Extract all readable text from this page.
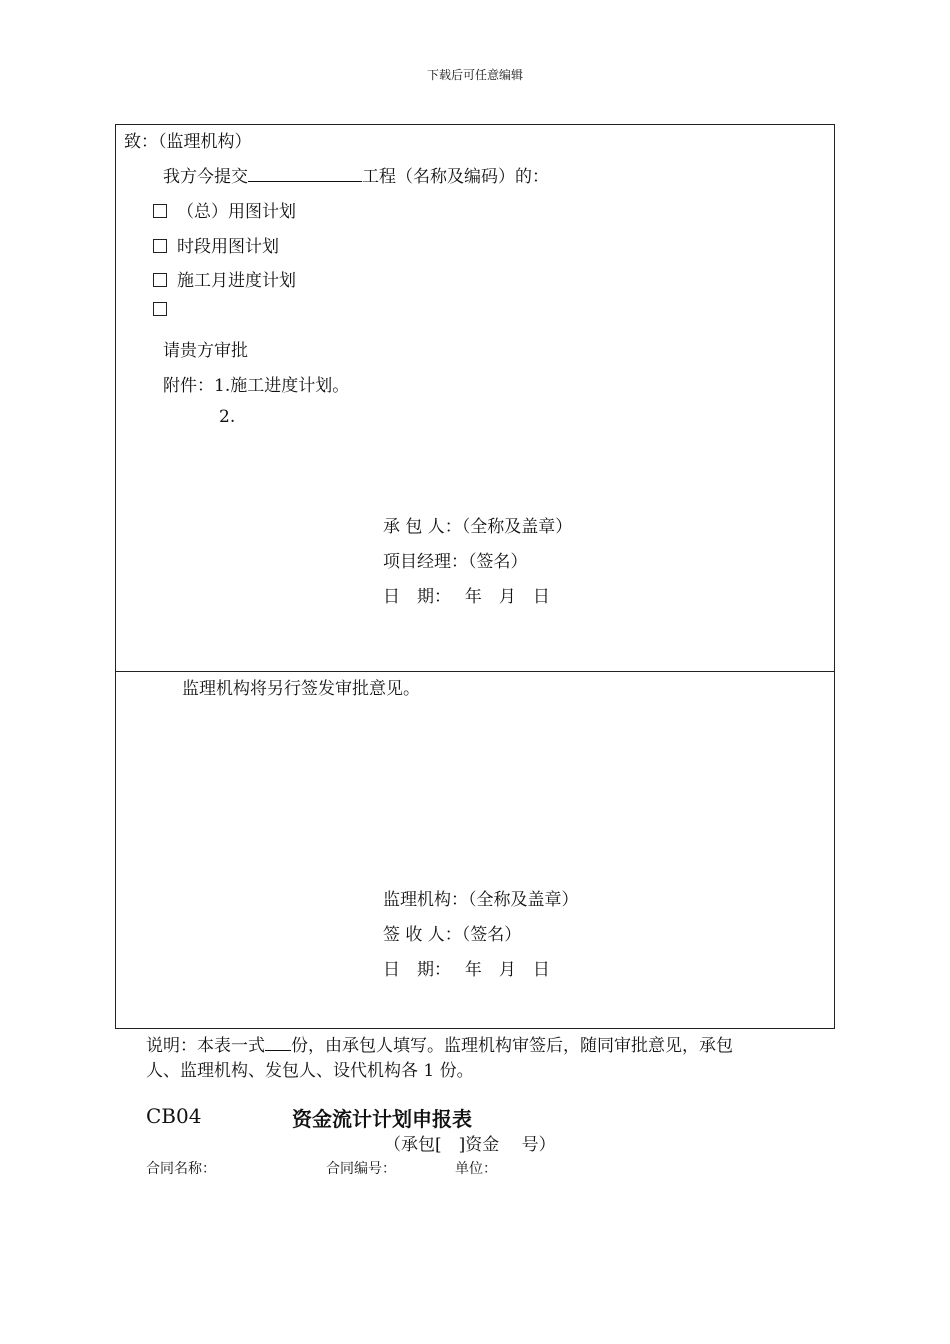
下载后可任意编辑
致：（监理机构）
我方今提交	工程（名称及编码）的：
（总）用图计划
时段用图计划
施工月进度计划
请贵方审批
附件：1.施工进度计划。
2.
承 包 人：（全称及盖章）
项目经理：（签名）
日　期：　 年　月　日
监理机构将另行签发审批意见。
监理机构：（全称及盖章）
签 收 人：（签名）
日　期：　 年　月　日
说明：本表一式 份，由承包人填写。监理机构审签后，随同审批意见，承包
人、监理机构、发包人、设代机构各 1 份。
CB04	资金流计计划申报表
（承包[　]资金　 号）
合同名称：	合同编号：	单位：
